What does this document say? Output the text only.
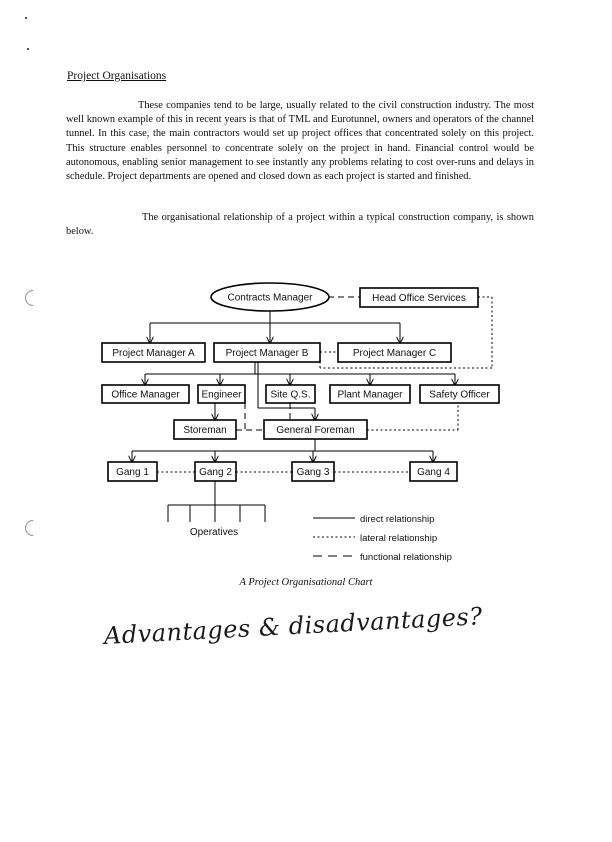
Project Organisations

These companies tend to be large, usually related to the civil construction industry. The most well known example of this in recent years is that of TML and Eurotunnel, owners and operators of the channel tunnel. In this case, the main contractors would set up project offices that concentrated solely on this project. This structure enables personnel to concentrate solely on the project in hand. Financial control would be autonomous, enabling senior management to see instantly any problems relating to cost over-runs and delays in schedule. Project departments are opened and closed down as each project is started and finished.

The organisational relationship of a project within a typical construction company, is shown below.

Contracts Manager	Head Office Services
Project Manager A	Project Manager B	Project Manager C
Office Manager Engineer	Site Q.S.	Plant Manager	Safety Officer
Storeman	General Foreman
Gang 1	Gang 2	Gang 3	Gang 4
Operatives
direct relationship
lateral relationship
functional relationship
A Project Organisational Chart
Advantages & disadvantages?
